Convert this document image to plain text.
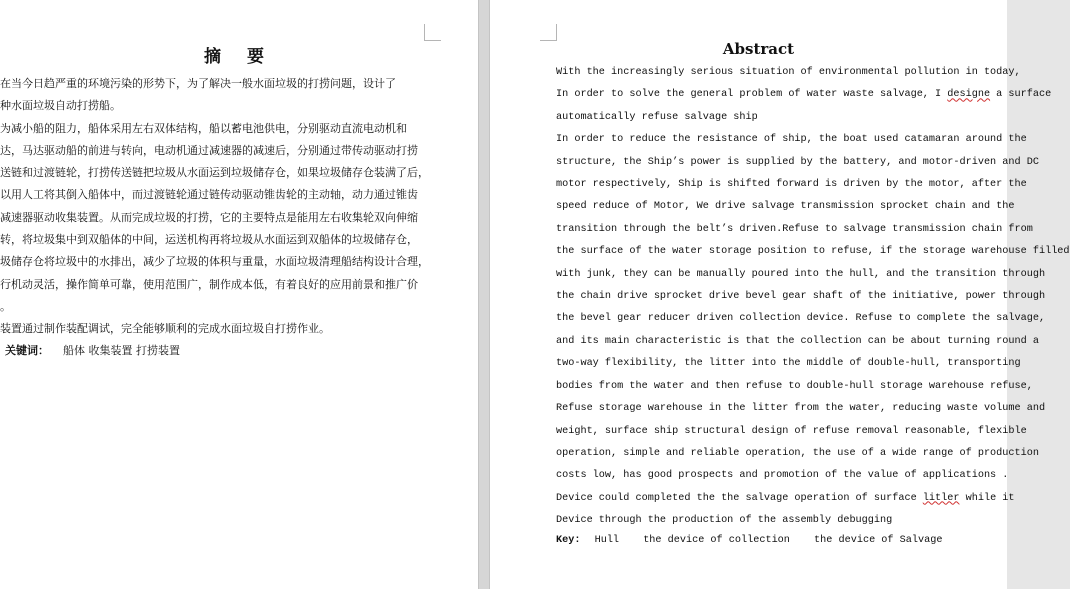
摘 要

在当今日趋严重的环境污染的形势下，为了解决一般水面垃圾的打捞问题，设计了

种水面垃圾自动打捞船。

为减小船的阻力，船体采用左右双体结构，船以蓄电池供电，分别驱动直流电动机和

达，马达驱动船的前进与转向，电动机通过减速器的减速后，分别通过带传动驱动打捞

送链和过渡链轮，打捞传送链把垃圾从水面运到垃圾储存仓，如果垃圾储存仓装满了后，

以用人工将其倒入船体中，而过渡链轮通过链传动驱动锥齿轮的主动轴，动力通过锥齿

减速器驱动收集装置。从而完成垃圾的打捞，它的主要特点是能用左右收集轮双向伸缩

转，将垃圾集中到双船体的中间，运送机构再将垃圾从水面运到双船体的垃圾储存仓，

圾储存仓将垃圾中的水排出，减少了垃圾的体积与重量，水面垃圾清理船结构设计合理，

行机动灵活，操作简单可靠，使用范围广，制作成本低，有着良好的应用前景和推广价

。

装置通过制作装配调试，完全能够顺利的完成水面垃圾自打捞作业。

关键词： 船体 收集装置 打捞装置
Abstract

With the increasingly serious situation of environmental pollution in today,

In order to solve the general problem of water waste salvage, I designe a surface

automatically refuse salvage ship

In order to reduce the resistance of ship, the boat used catamaran around the

structure, the Ship’s power is supplied by the battery, and motor-driven and DC

motor respectively, Ship is shifted forward is driven by the motor, after the

speed reduce of Motor, We drive salvage transmission sprocket chain and the

transition through the belt’s driven.Refuse to salvage transmission chain from

the surface of the water storage position to refuse, if the storage warehouse filled

with junk, they can be manually poured into the hull, and the transition through

the chain drive sprocket drive bevel gear shaft of the initiative, power through

the bevel gear reducer driven collection device. Refuse to complete the salvage,

and its main characteristic is that the collection can be about turning round a

two-way flexibility, the litter into the middle of double-hull, transporting

bodies from the water and then refuse to double-hull storage warehouse refuse,

Refuse storage warehouse in the litter from the water, reducing waste volume and

weight, surface ship structural design of refuse removal reasonable, flexible

operation, simple and reliable operation, the use of a wide range of production

costs low, has good prospects and promotion of the value of applications .

Device could completed the the salvage operation of surface litler while it

Device through the production of the assembly debugging

Key: Hull the device of collection the device of Salvage
